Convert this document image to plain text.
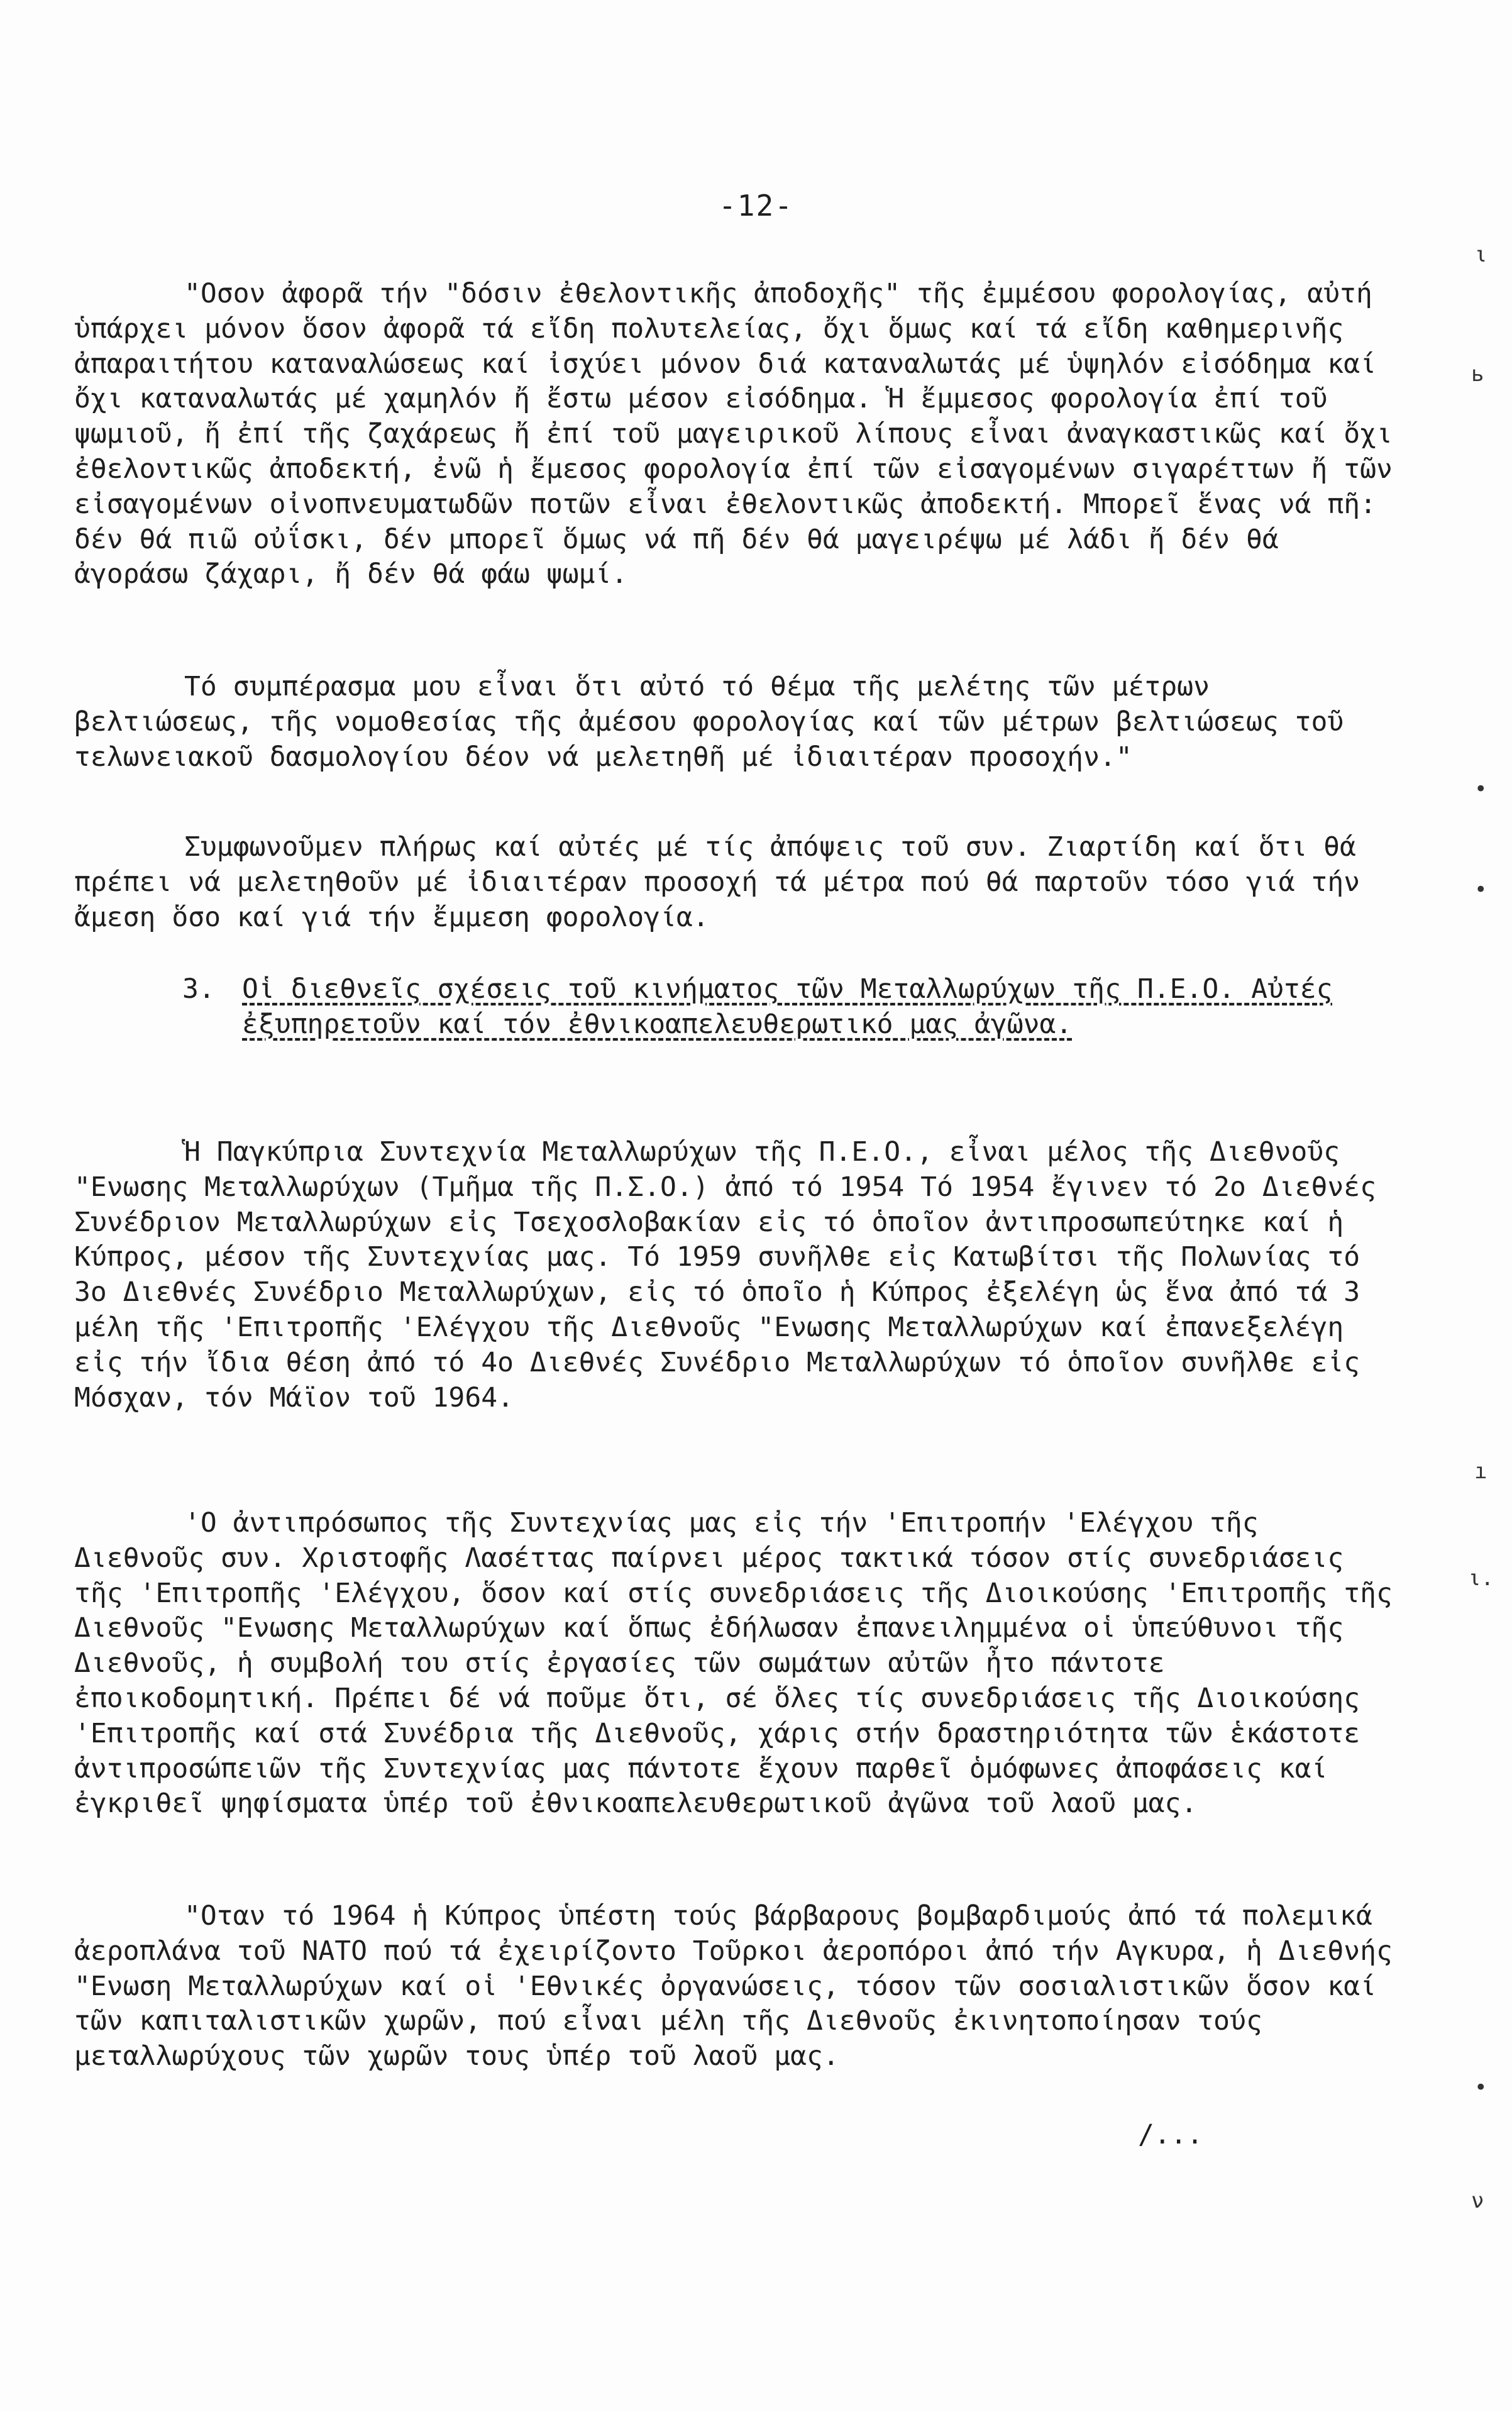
-12-

"Οσον ἀφορᾶ τήν "δόσιν ἐθελοντικῆς ἀποδοχῆς" τῆς ἐμμέσου φορολογίας, αὐτή ὑπάρχει μόνον ὅσον ἀφορᾶ τά εἴδη πολυτελείας, ὄχι ὅμως καί τά εἴδη καθημερινῆς ἀπαραιτήτου καταναλώσεως καί ἰσχύει μόνον διά καταναλωτάς μέ ὑψηλόν εἰσόδημα καί ὄχι καταναλωτάς μέ χαμηλόν ἤ ἔστω μέσον εἰσόδημα. Ἡ ἔμμεσος φορολογία ἐπί τοῦ ψωμιοῦ, ἤ ἐπί τῆς ζαχάρεως ἤ ἐπί τοῦ μαγειρικοῦ λίπους εἶναι ἀναγκαστικῶς καί ὄχι ἐθελοντικῶς ἀποδεκτή, ἐνῶ ἡ ἔμεσος φορολογία ἐπί τῶν εἰσαγομένων σιγαρέττων ἤ τῶν εἰσαγομένων οἰνοπνευματωδῶν ποτῶν εἶναι ἐθελοντικῶς ἀποδεκτή. Μπορεῖ ἕνας νά πῆ: δέν θά πιῶ οὐΐσκι, δέν μπορεῖ ὅμως νά πῆ δέν θά μαγειρέψω μέ λάδι ἤ δέν θά ἀγοράσω ζάχαρι, ἤ δέν θά φάω ψωμί.

Τό συμπέρασμα μου εἶναι ὅτι αὐτό τό θέμα τῆς μελέτης τῶν μέτρων βελτιώσεως, τῆς νομοθεσίας τῆς ἀμέσου φορολογίας καί τῶν μέτρων βελτιώσεως τοῦ τελωνειακοῦ δασμολογίου δέον νά μελετηθῆ μέ ἰδιαιτέραν προσοχήν."

Συμφωνοῦμεν πλήρως καί αὐτές μέ τίς ἀπόψεις τοῦ συν. Ζιαρτίδη καί ὅτι θά πρέπει νά μελετηθοῦν μέ ἰδιαιτέραν προσοχή τά μέτρα πού θά παρτοῦν τόσο γιά τήν ἄμεση ὅσο καί γιά τήν ἔμμεση φορολογία.

3.	Οἱ διεθνεῖς σχέσεις τοῦ κινήματος τῶν Μεταλλωρύχων τῆς Π.Ε.Ο. Αὐτές ἐξυπηρετοῦν καί τόν ἐθνικοαπελευθερωτικό μας ἀγῶνα.

Ἡ Παγκύπρια Συντεχνία Μεταλλωρύχων τῆς Π.Ε.Ο., εἶναι μέλος τῆς Διεθνοῦς "Ενωσης Μεταλλωρύχων (Τμῆμα τῆς Π.Σ.Ο.) ἀπό τό 1954 Τό 1954 ἔγινεν τό 2ο Διεθνές Συνέδριον Μεταλλωρύχων εἰς Τσεχοσλοβακίαν εἰς τό ὁποῖον ἀντιπροσωπεύτηκε καί ἡ Κύπρος, μέσον τῆς Συντεχνίας μας. Τό 1959 συνῆλθε εἰς Κατωβίτσι τῆς Πολωνίας τό 3ο Διεθνές Συνέδριο Μεταλλωρύχων, εἰς τό ὁποῖο ἡ Κύπρος ἐξελέγη ὡς ἕνα ἀπό τά 3 μέλη τῆς 'Επιτροπῆς 'Ελέγχου τῆς Διεθνοῦς "Ενωσης Μεταλλωρύχων καί ἐπανεξελέγη εἰς τήν ἴδια θέση ἀπό τό 4ο Διεθνές Συνέδριο Μεταλλωρύχων τό ὁποῖον συνῆλθε εἰς Μόσχαν, τόν Μάϊον τοῦ 1964.

'Ο ἀντιπρόσωπος τῆς Συντεχνίας μας εἰς τήν 'Επιτροπήν 'Ελέγχου τῆς Διεθνοῦς συν. Χριστοφῆς Λασέττας παίρνει μέρος τακτικά τόσον στίς συνεδριάσεις τῆς 'Επιτροπῆς 'Ελέγχου, ὅσον καί στίς συνεδριάσεις τῆς Διοικούσης 'Επιτροπῆς τῆς Διεθνοῦς "Ενωσης Μεταλλωρύχων καί ὅπως ἐδήλωσαν ἐπανειλημμένα οἱ ὑπεύθυνοι τῆς Διεθνοῦς, ἡ συμβολή του στίς ἐργασίες τῶν σωμάτων αὐτῶν ἦτο πάντοτε ἐποικοδομητική. Πρέπει δέ νά ποῦμε ὅτι, σέ ὅλες τίς συνεδριάσεις τῆς Διοικούσης 'Επιτροπῆς καί στά Συνέδρια τῆς Διεθνοῦς, χάρις στήν δραστηριότητα τῶν ἑκάστοτε ἀντιπροσώπειῶν τῆς Συντεχνίας μας πάντοτε ἔχουν παρθεῖ ὁμόφωνες ἀποφάσεις καί ἐγκριθεῖ ψηφίσματα ὑπέρ τοῦ ἐθνικοαπελευθερωτικοῦ ἀγῶνα τοῦ λαοῦ μας.

"Οταν τό 1964 ἡ Κύπρος ὑπέστη τούς βάρβαρους βομβαρδιμούς ἀπό τά πολεμικά ἀεροπλάνα τοῦ ΝΑΤΟ πού τά ἐχειρίζοντο Τοῦρκοι ἀεροπόροι ἀπό τήν Αγκυρα, ἡ Διεθνής "Ενωση Μεταλλωρύχων καί οἱ 'Εθνικές ὀργανώσεις, τόσον τῶν σοσιαλιστικῶν ὅσον καί τῶν καπιταλιστικῶν χωρῶν, πού εἶναι μέλη τῆς Διεθνοῦς ἐκινητοποίησαν τούς μεταλλωρύχους τῶν χωρῶν τους ὑπέρ τοῦ λαοῦ μας.

/...
ι
ь
•
•
ı
ι.
•
ν
